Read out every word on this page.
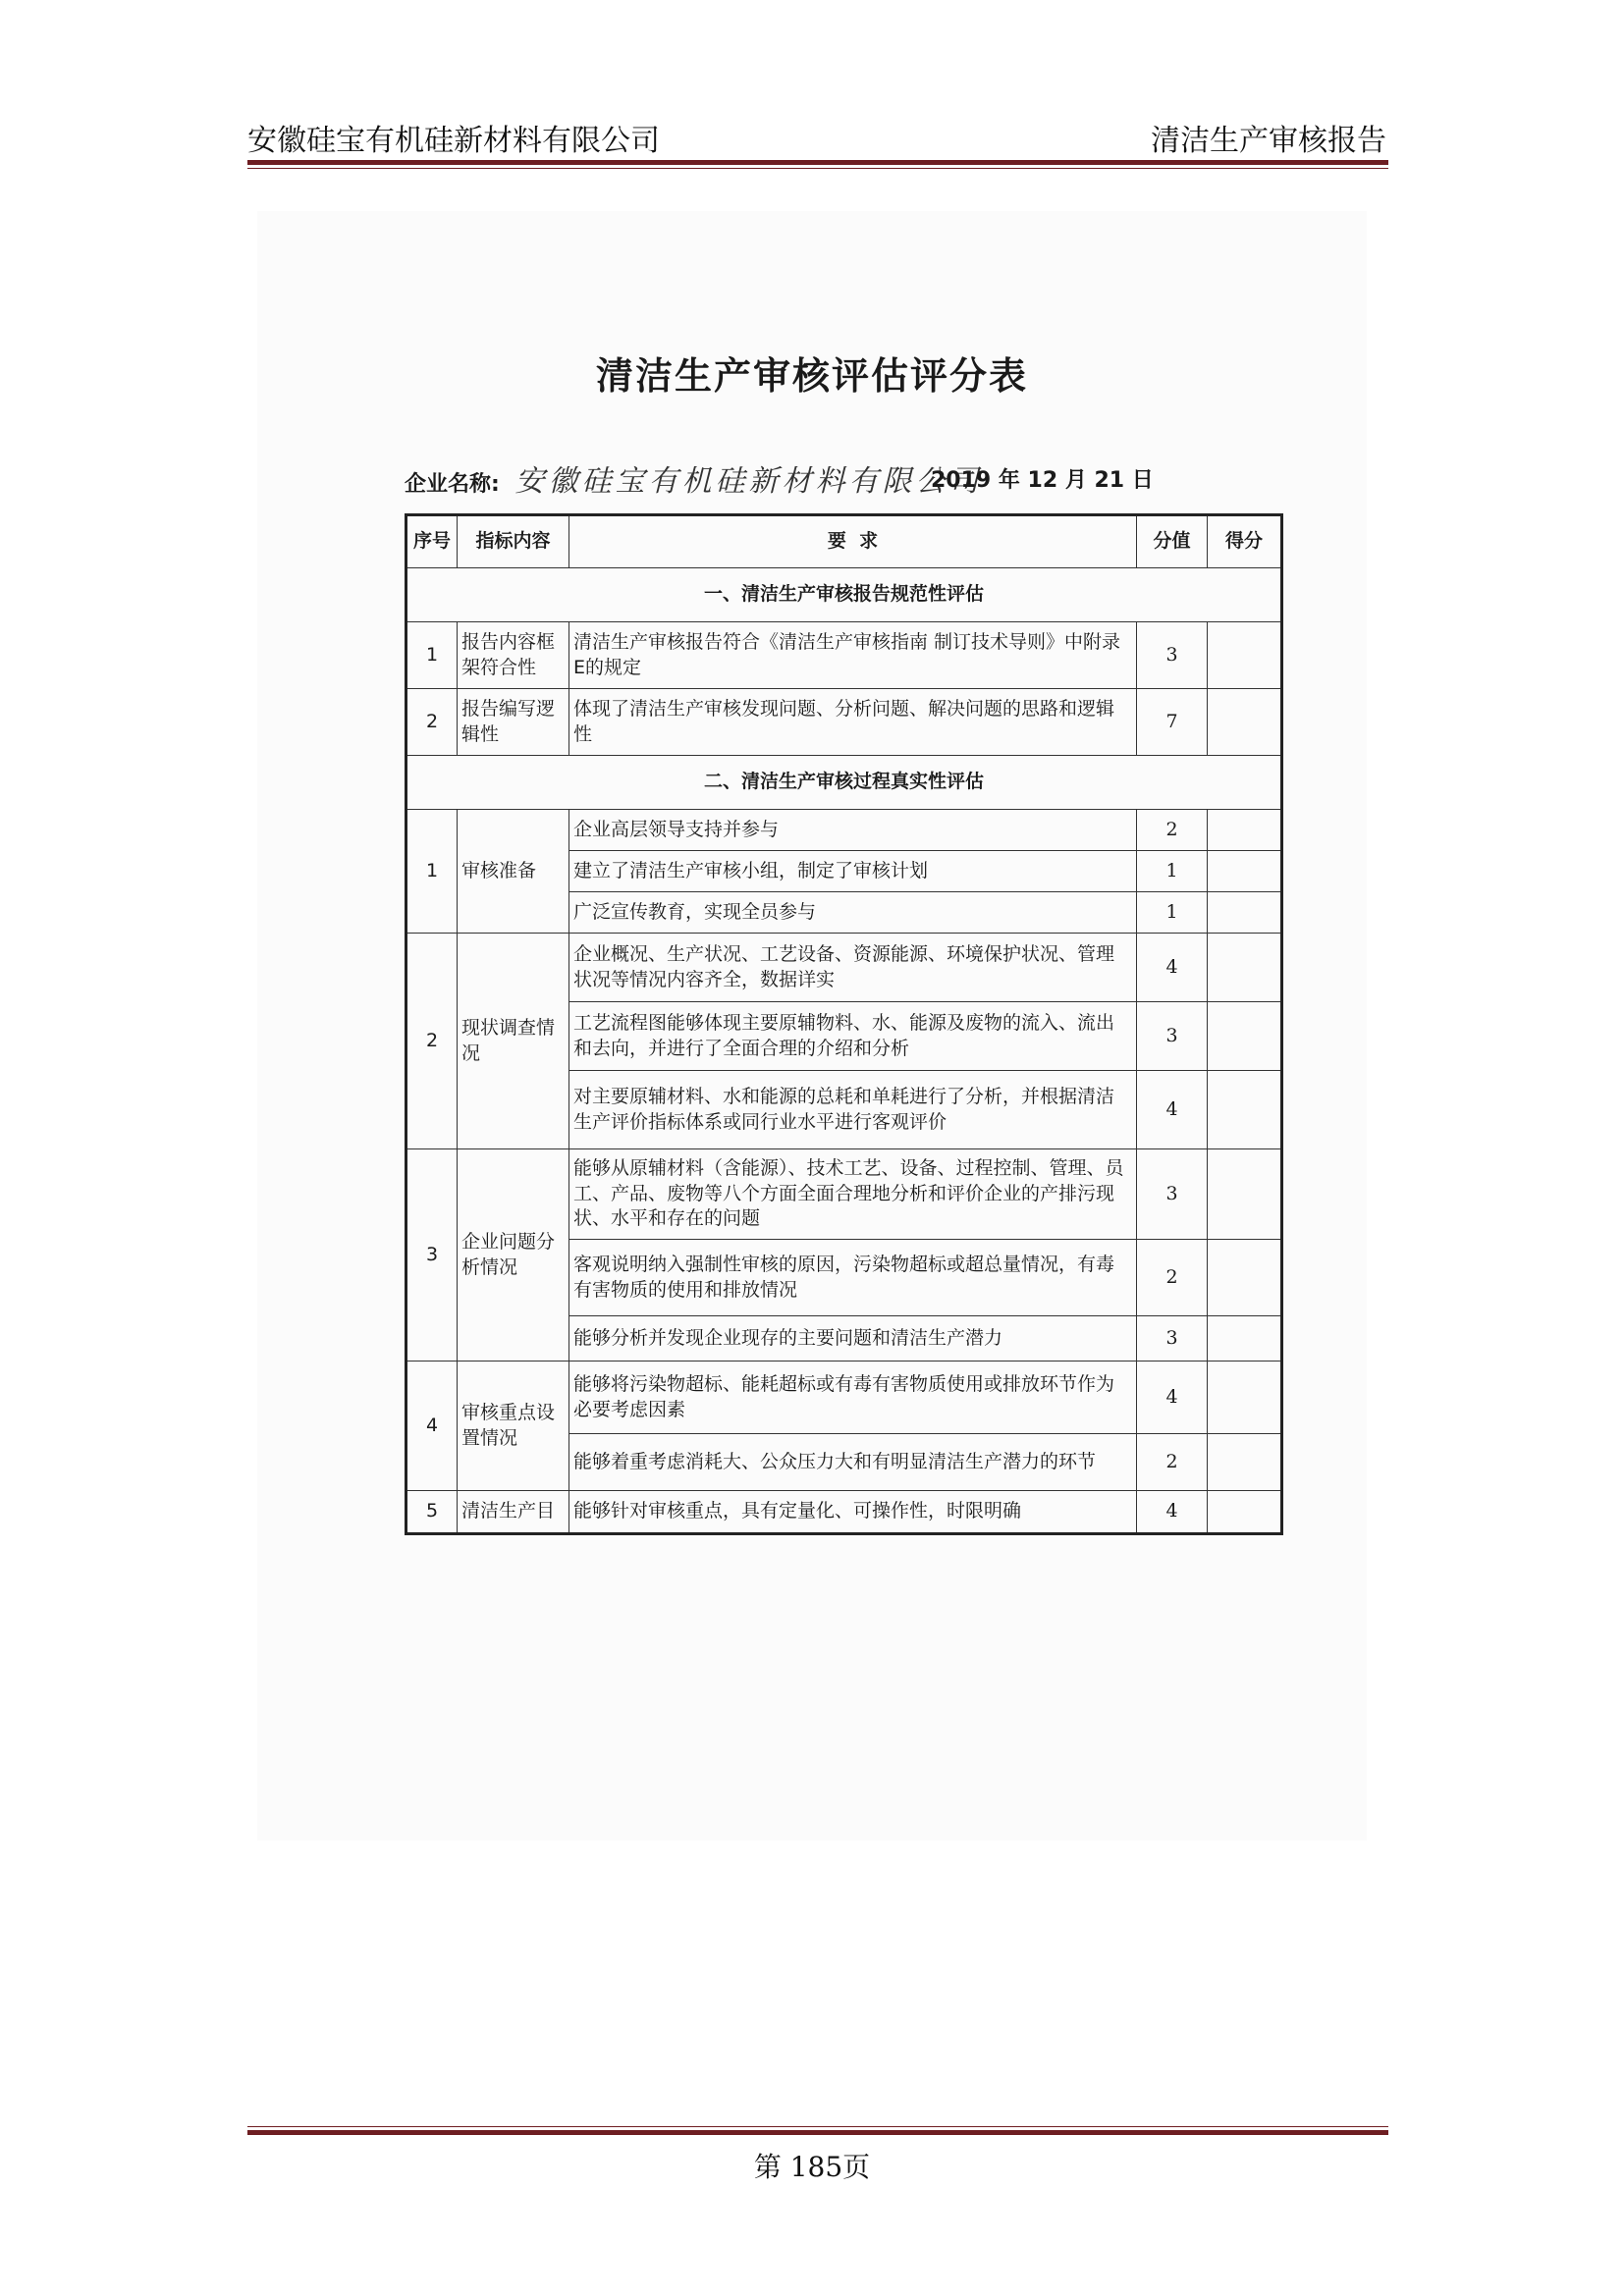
安徽硅宝有机硅新材料有限公司	清洁生产审核报告
清洁生产审核评估评分表
企业名称: 安徽硅宝有机硅新材料有限公司
2019 年 12 月 21 日
序号	指标内容	要  求	分值	得分
一、清洁生产审核报告规范性评估				
1	报告内容框架符合性	清洁生产审核报告符合《清洁生产审核指南 制订技术导则》中附录E的规定	3	
2	报告编写逻辑性	体现了清洁生产审核发现问题、分析问题、解决问题的思路和逻辑性	7	
二、清洁生产审核过程真实性评估				
1	审核准备	企业高层领导支持并参与	2	
		建立了清洁生产审核小组，制定了审核计划	1	
		广泛宣传教育，实现全员参与	1	
2	现状调查情况	企业概况、生产状况、工艺设备、资源能源、环境保护状况、管理状况等情况内容齐全，数据详实	4	
		工艺流程图能够体现主要原辅物料、水、能源及废物的流入、流出和去向，并进行了全面合理的介绍和分析	3	
		对主要原辅材料、水和能源的总耗和单耗进行了分析，并根据清洁生产评价指标体系或同行业水平进行客观评价	4	
3	企业问题分析情况	能够从原辅材料（含能源）、技术工艺、设备、过程控制、管理、员工、产品、废物等八个方面全面合理地分析和评价企业的产排污现状、水平和存在的问题	3	
		客观说明纳入强制性审核的原因，污染物超标或超总量情况，有毒有害物质的使用和排放情况	2	
		能够分析并发现企业现存的主要问题和清洁生产潜力	3	
4	审核重点设置情况	能够将污染物超标、能耗超标或有毒有害物质使用或排放环节作为必要考虑因素	4	
		能够着重考虑消耗大、公众压力大和有明显清洁生产潜力的环节	2	
5	清洁生产目	能够针对审核重点，具有定量化、可操作性，时限明确	4	
第 185页
